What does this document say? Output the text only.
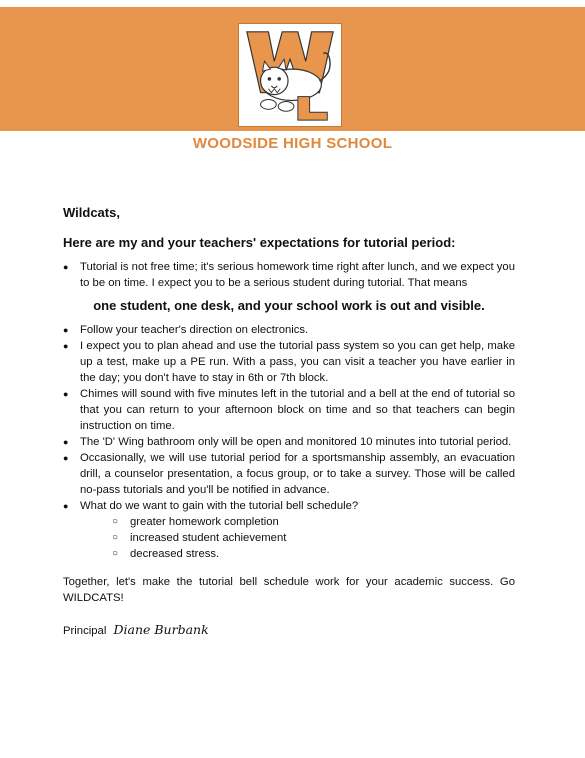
WOODSIDE HIGH SCHOOL

Wildcats,

Here are my and your teachers' expectations for tutorial period:

● Tutorial is not free time; it's serious homework time right after lunch, and we expect you to be on time. I expect you to be a serious student during tutorial. That means

one student, one desk, and your school work is out and visible.

● Follow your teacher's direction on electronics.
● I expect you to plan ahead and use the tutorial pass system so you can get help, make up a test, make up a PE run. With a pass, you can visit a teacher you have earlier in the day; you don't have to stay in 6th or 7th block.
● Chimes will sound with five minutes left in the tutorial and a bell at the end of tutorial so that you can return to your afternoon block on time and so that teachers can begin instruction on time.
● The 'D' Wing bathroom only will be open and monitored 10 minutes into tutorial period.
● Occasionally, we will use tutorial period for a sportsmanship assembly, an evacuation drill, a counselor presentation, a focus group, or to take a survey. Those will be called no-pass tutorials and you'll be notified in advance.
● What do we want to gain with the tutorial bell schedule?
○ greater homework completion
○ increased student achievement
○ decreased stress.

Together, let's make the tutorial bell schedule work for your academic success. Go WILDCATS!

Principal Diane Burbank
